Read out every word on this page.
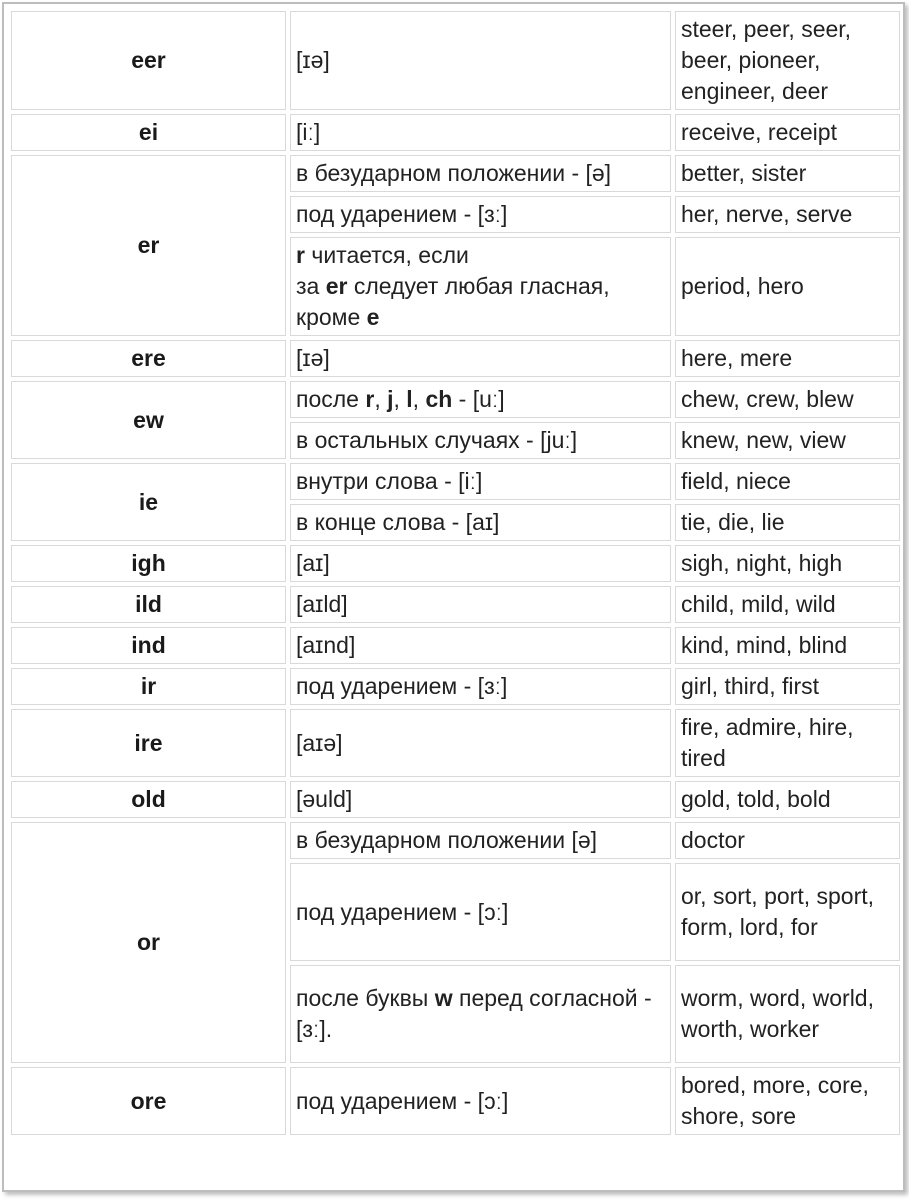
eer	[ɪə]	steer, peer, seer, beer, pioneer, engineer, deer
ei	[iː]	receive, receipt
er	в безударном положении - [ə]	better, sister
	под ударением - [ɜː]	her, nerve, serve
	r читается, если
за er следует любая гласная, кроме e	period, hero
ere	[ɪə]	here, mere
ew	после r, j, l, ch - [uː]	chew, crew, blew
	в остальных случаях - [juː]	knew, new, view
ie	внутри слова - [iː]	field, niece
	в конце слова - [aɪ]	tie, die, lie
igh	[aɪ]	sigh, night, high
ild	[aɪld]	child, mild, wild
ind	[aɪnd]	kind, mind, blind
ir	под ударением - [ɜː]	girl, third, first
ire	[aɪə]	fire, admire, hire, tired
old	[əuld]	gold, told, bold
or	в безударном положении [ə]	doctor
	под ударением - [ɔː]	or, sort, port, sport, form, lord, for
	после буквы w перед согласной - [ɜː].	worm, word, world, worth, worker
ore	под ударением - [ɔː]	bored, more, core, shore, sore
